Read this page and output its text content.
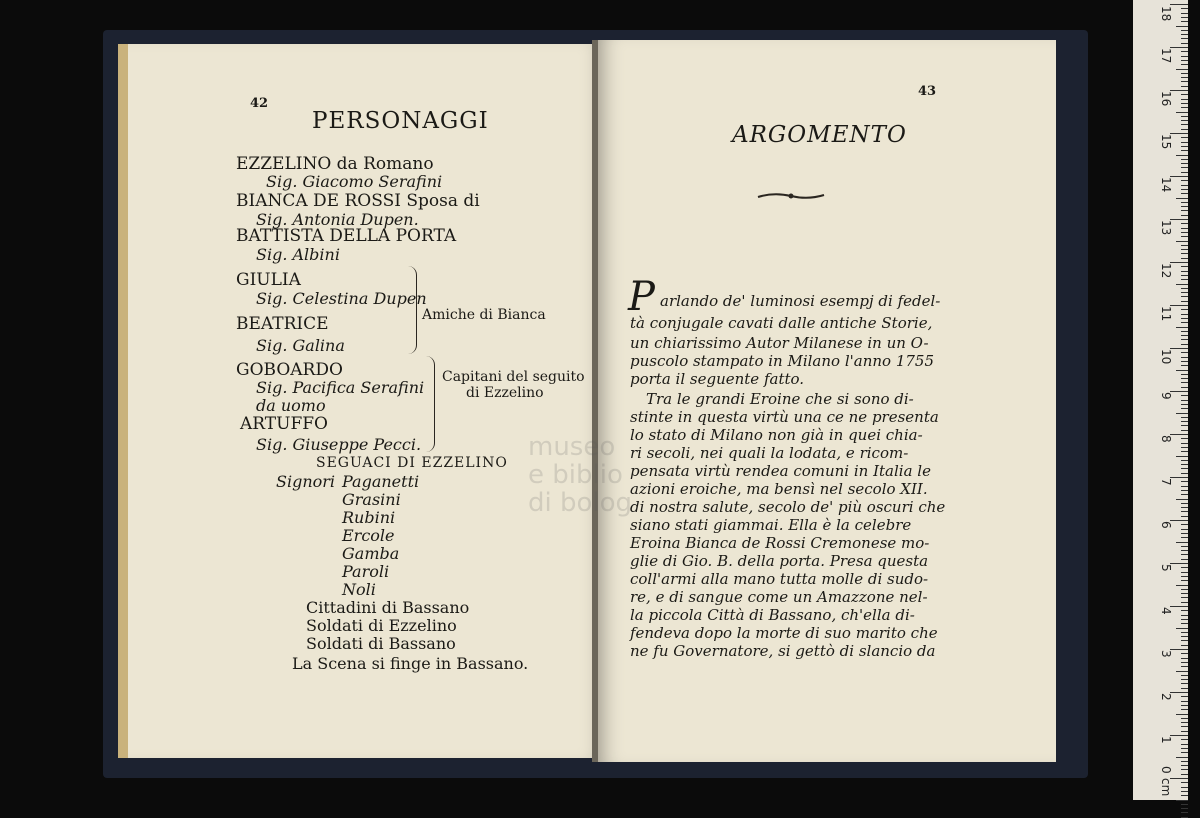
42
PERSONAGGI
EZZELINO da Romano
Sig. Giacomo Serafini
BIANCA DE ROSSI Sposa di
Sig. Antonia Dupen.
BATTISTA DELLA PORTA
Sig. Albini
GIULIA
Sig. Celestina Dupen
BEATRICE
Sig. Galina
Amiche di Bianca
GOBOARDO
Sig. Pacifica Serafini
da uomo
ARTUFFO
Sig. Giuseppe Pecci.
Capitani del seguito
di Ezzelino
SEGUACI DI EZZELINO
Signori Paganetti
Grasini
Rubini
Ercole
Gamba
Paroli
Noli
Cittadini di Bassano
Soldati di Ezzelino
Soldati di Bassano
La Scena si finge in Bassano.
43
ARGOMENTO
P arlando de' luminosi esempj di fedel-
tà conjugale cavati dalle antiche Storie,
un chiarissimo Autor Milanese in un O-
puscolo stampato in Milano l'anno 1755
porta il seguente fatto.
Tra le grandi Eroine che si sono di-
stinte in questa virtù una ce ne presenta
lo stato di Milano non già in quei chia-
ri secoli, nei quali la lodata, e ricom-
pensata virtù rendea comuni in Italia le
azioni eroiche, ma bensì nel secolo XII.
di nostra salute, secolo de' più oscuri che
siano stati giammai. Ella è la celebre
Eroina Bianca de Rossi Cremonese mo-
glie di Gio. B. della porta. Presa questa
coll'armi alla mano tutta molle di sudo-
re, e di sangue come un Amazzone nel-
la piccola Città di Bassano, ch'ella di-
fendeva dopo la morte di suo marito che
ne fu Governatore, si gettò di slancio da
museo
e biblio
di bolog
18
17
16
15
14
13
12
11
10
9
8
7
6
5
4
3
2
1
0
cm
